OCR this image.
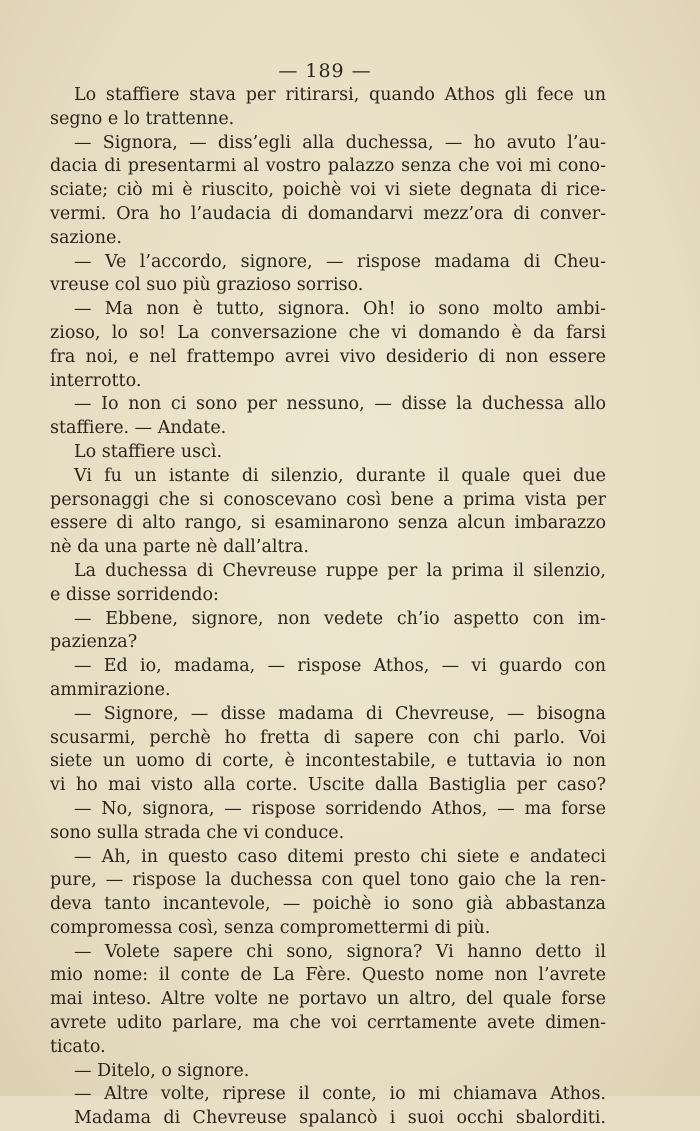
— 189 —
Lo staffiere stava per ritirarsi, quando Athos gli fece un
segno e lo trattenne.
— Signora, — diss’egli alla duchessa, — ho avuto l’au-
dacia di presentarmi al vostro palazzo senza che voi mi cono-
sciate; ciò mi è riuscito, poichè voi vi siete degnata di rice-
vermi. Ora ho l’audacia di domandarvi mezz’ora di conver-
sazione.
— Ve l’accordo, signore, — rispose madama di Cheu-
vreuse col suo più grazioso sorriso.
— Ma non è tutto, signora. Oh! io sono molto ambi-
zioso, lo so! La conversazione che vi domando è da farsi
fra noi, e nel frattempo avrei vivo desiderio di non essere
interrotto.
— Io non ci sono per nessuno, — disse la duchessa allo
staffiere. — Andate.
Lo staffiere uscì.
Vi fu un istante di silenzio, durante il quale quei due
personaggi che si conoscevano così bene a prima vista per
essere di alto rango, si esaminarono senza alcun imbarazzo
nè da una parte nè dall’altra.
La duchessa di Chevreuse ruppe per la prima il silenzio,
e disse sorridendo:
— Ebbene, signore, non vedete ch’io aspetto con im-
pazienza?
— Ed io, madama, — rispose Athos, — vi guardo con
ammirazione.
— Signore, — disse madama di Chevreuse, — bisogna
scusarmi, perchè ho fretta di sapere con chi parlo. Voi
siete un uomo di corte, è incontestabile, e tuttavia io non
vi ho mai visto alla corte. Uscite dalla Bastiglia per caso?
— No, signora, — rispose sorridendo Athos, — ma forse
sono sulla strada che vi conduce.
— Ah, in questo caso ditemi presto chi siete e andateci
pure, — rispose la duchessa con quel tono gaio che la ren-
deva tanto incantevole, — poichè io sono già abbastanza
compromessa così, senza compromettermi di più.
— Volete sapere chi sono, signora? Vi hanno detto il
mio nome: il conte de La Fère. Questo nome non l’avrete
mai inteso. Altre volte ne portavo un altro, del quale forse
avrete udito parlare, ma che voi cerrtamente avete dimen-
ticato.
— Ditelo, o signore.
— Altre volte, riprese il conte, io mi chiamava Athos.
Madama di Chevreuse spalancò i suoi occhi sbalorditi.
